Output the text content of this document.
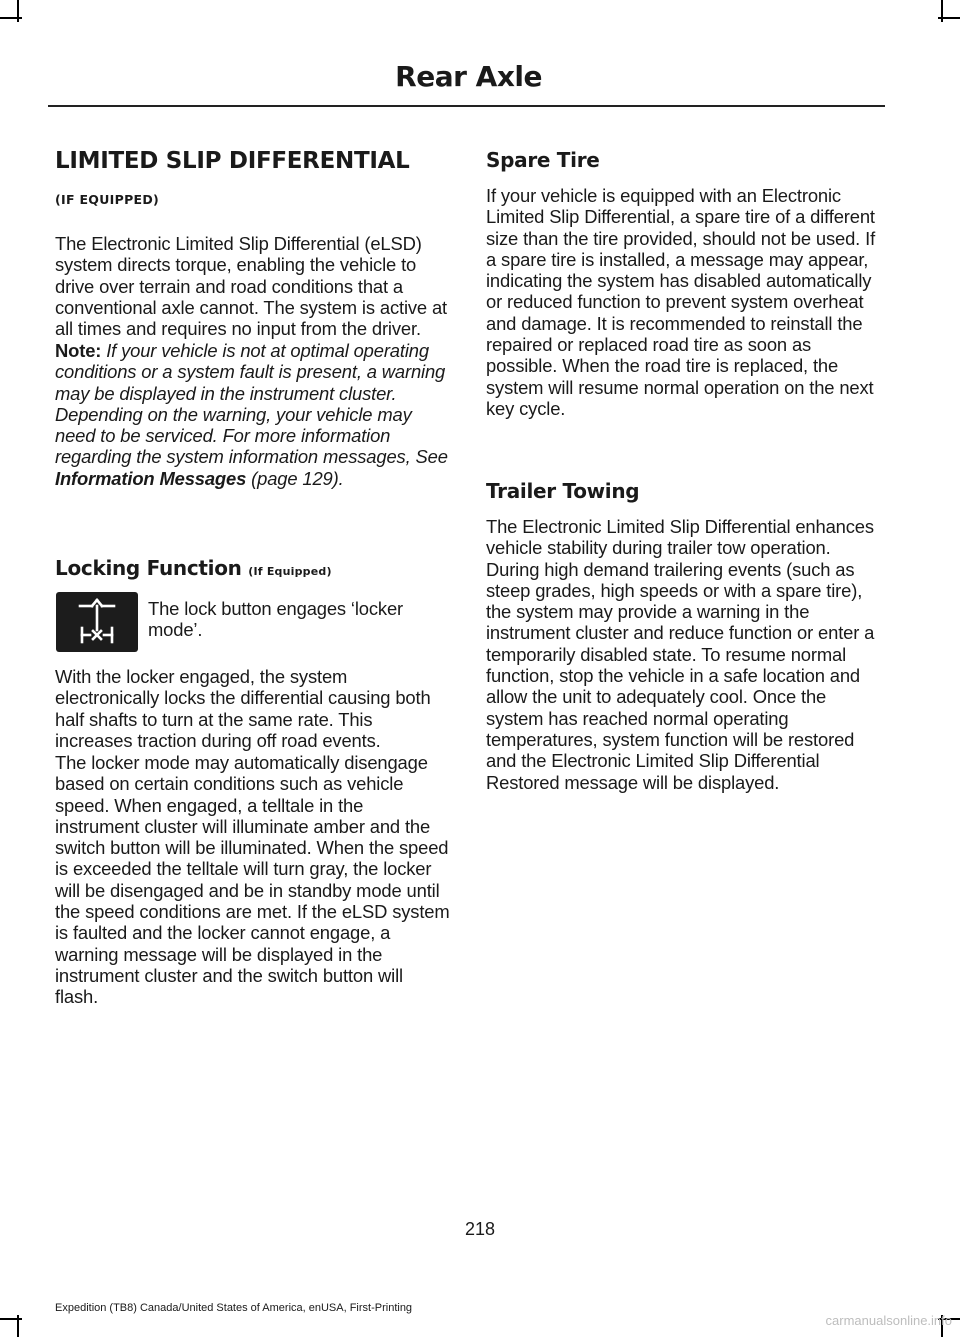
Rear Axle
LIMITED SLIP DIFFERENTIAL
(IF EQUIPPED)

The Electronic Limited Slip Differential (eLSD) system directs torque, enabling the vehicle to drive over terrain and road conditions that a conventional axle cannot. The system is active at all times and requires no input from the driver.

Note: If your vehicle is not at optimal operating conditions or a system fault is present, a warning may be displayed in the instrument cluster. Depending on the warning, your vehicle may need to be serviced. For more information regarding the system information messages, See Information Messages (page 129).

Locking Function (If Equipped)

The lock button engages ‘locker mode’.

With the locker engaged, the system electronically locks the differential causing both half shafts to turn at the same rate. This increases traction during off road events.

The locker mode may automatically disengage based on certain conditions such as vehicle speed. When engaged, a telltale in the instrument cluster will illuminate amber and the switch button will be illuminated. When the speed is exceeded the telltale will turn gray, the locker will be disengaged and be in standby mode until the speed conditions are met. If the eLSD system is faulted and the locker cannot engage, a warning message will be displayed in the instrument cluster and the switch button will flash.

Spare Tire

If your vehicle is equipped with an Electronic Limited Slip Differential, a spare tire of a different size than the tire provided, should not be used. If a spare tire is installed, a message may appear, indicating the system has disabled automatically or reduced function to prevent system overheat and damage. It is recommended to reinstall the repaired or replaced road tire as soon as possible. When the road tire is replaced, the system will resume normal operation on the next key cycle.

Trailer Towing

The Electronic Limited Slip Differential enhances vehicle stability during trailer tow operation. During high demand trailering events (such as steep grades, high speeds or with a spare tire), the system may provide a warning in the instrument cluster and reduce function or enter a temporarily disabled state. To resume normal function, stop the vehicle in a safe location and allow the unit to adequately cool. Once the system has reached normal operating temperatures, system function will be restored and the Electronic Limited Slip Differential Restored message will be displayed.

218
Expedition (TB8) Canada/United States of America, enUSA, First-Printing
carmanualsonline.info
